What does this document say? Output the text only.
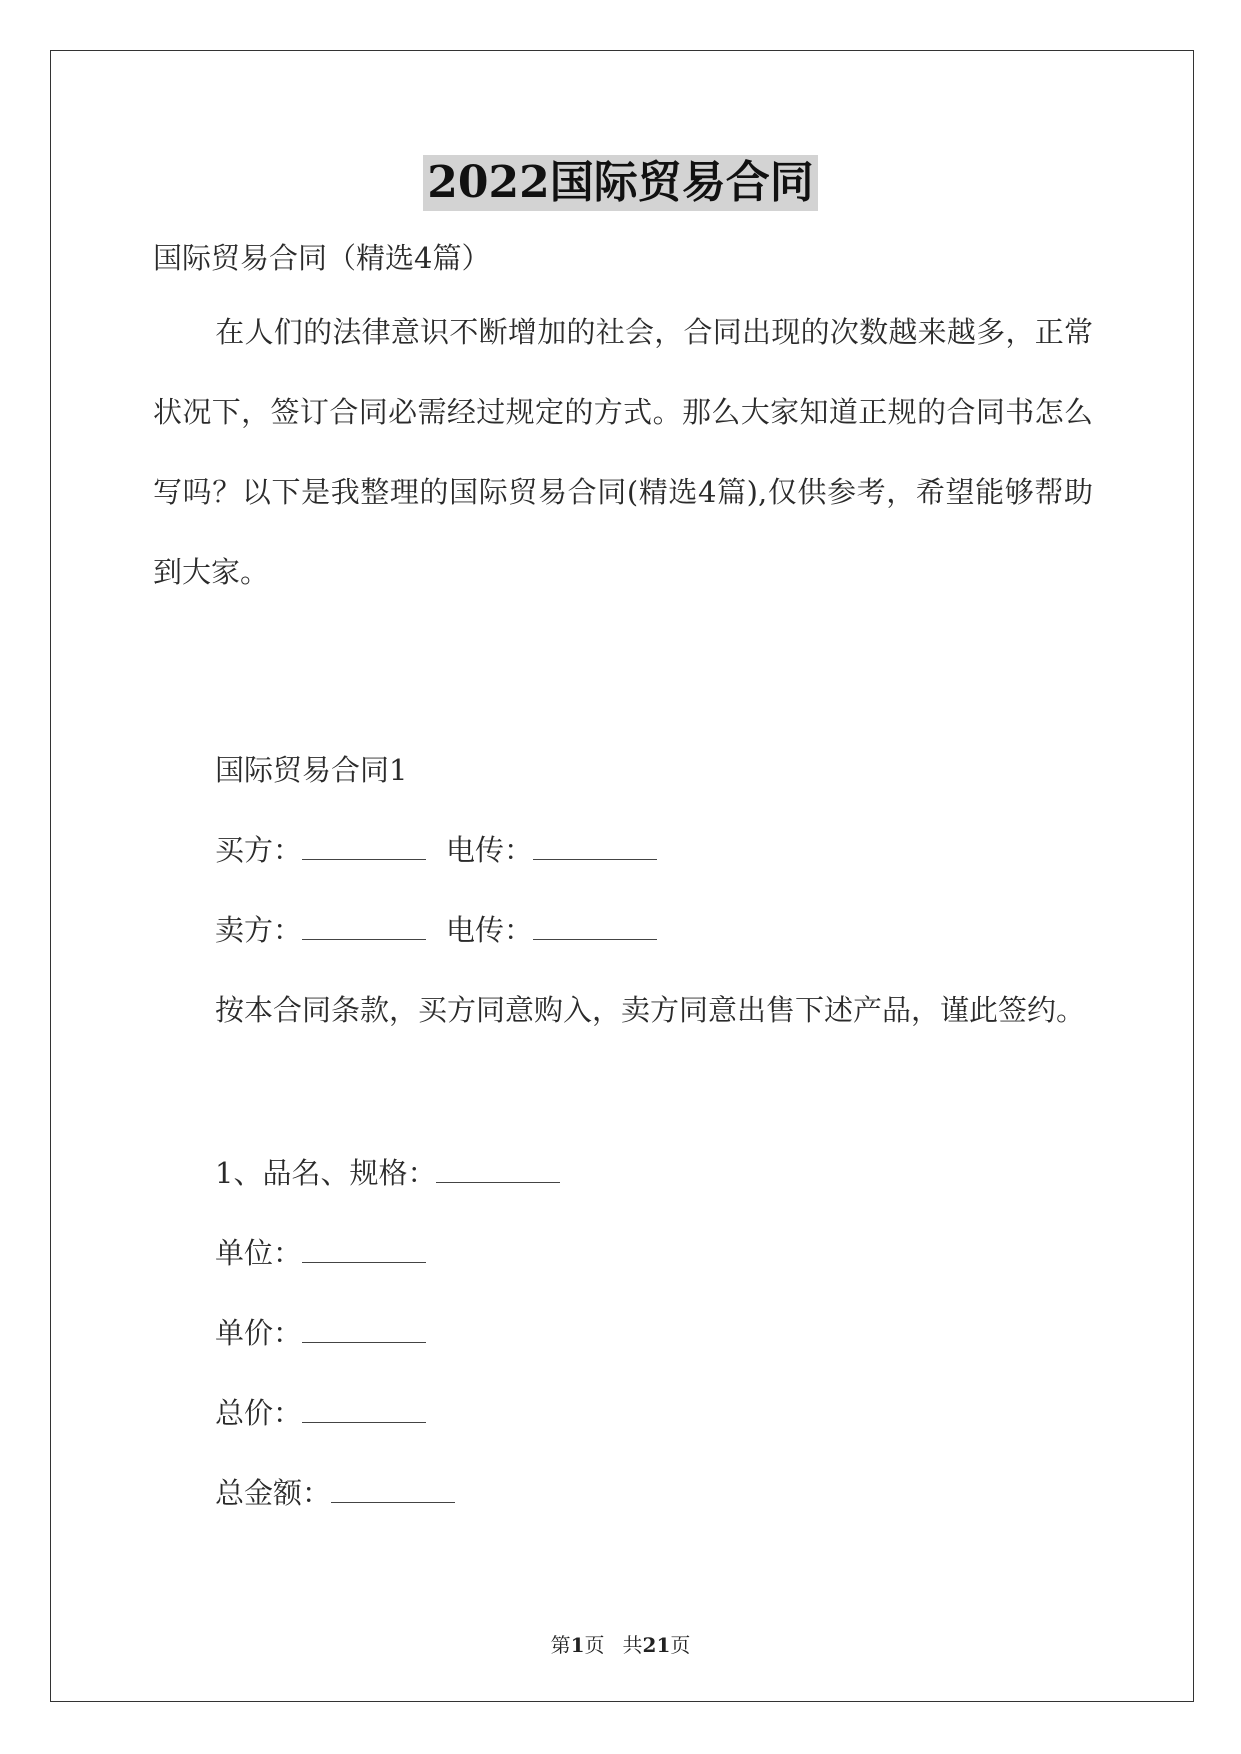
2022国际贸易合同
国际贸易合同（精选4篇）
在人们的法律意识不断增加的社会，合同出现的次数越来越多，正常状况下，签订合同必需经过规定的方式。那么大家知道正规的合同书怎么写吗？以下是我整理的国际贸易合同(精选4篇),仅供参考，希望能够帮助到大家。
国际贸易合同1
买方：	电传：
卖方：	电传：
按本合同条款，买方同意购入，卖方同意出售下述产品，谨此签约。
1、品名、规格：
单位：
单价：
总价：
总金额：
第1页 共21页
